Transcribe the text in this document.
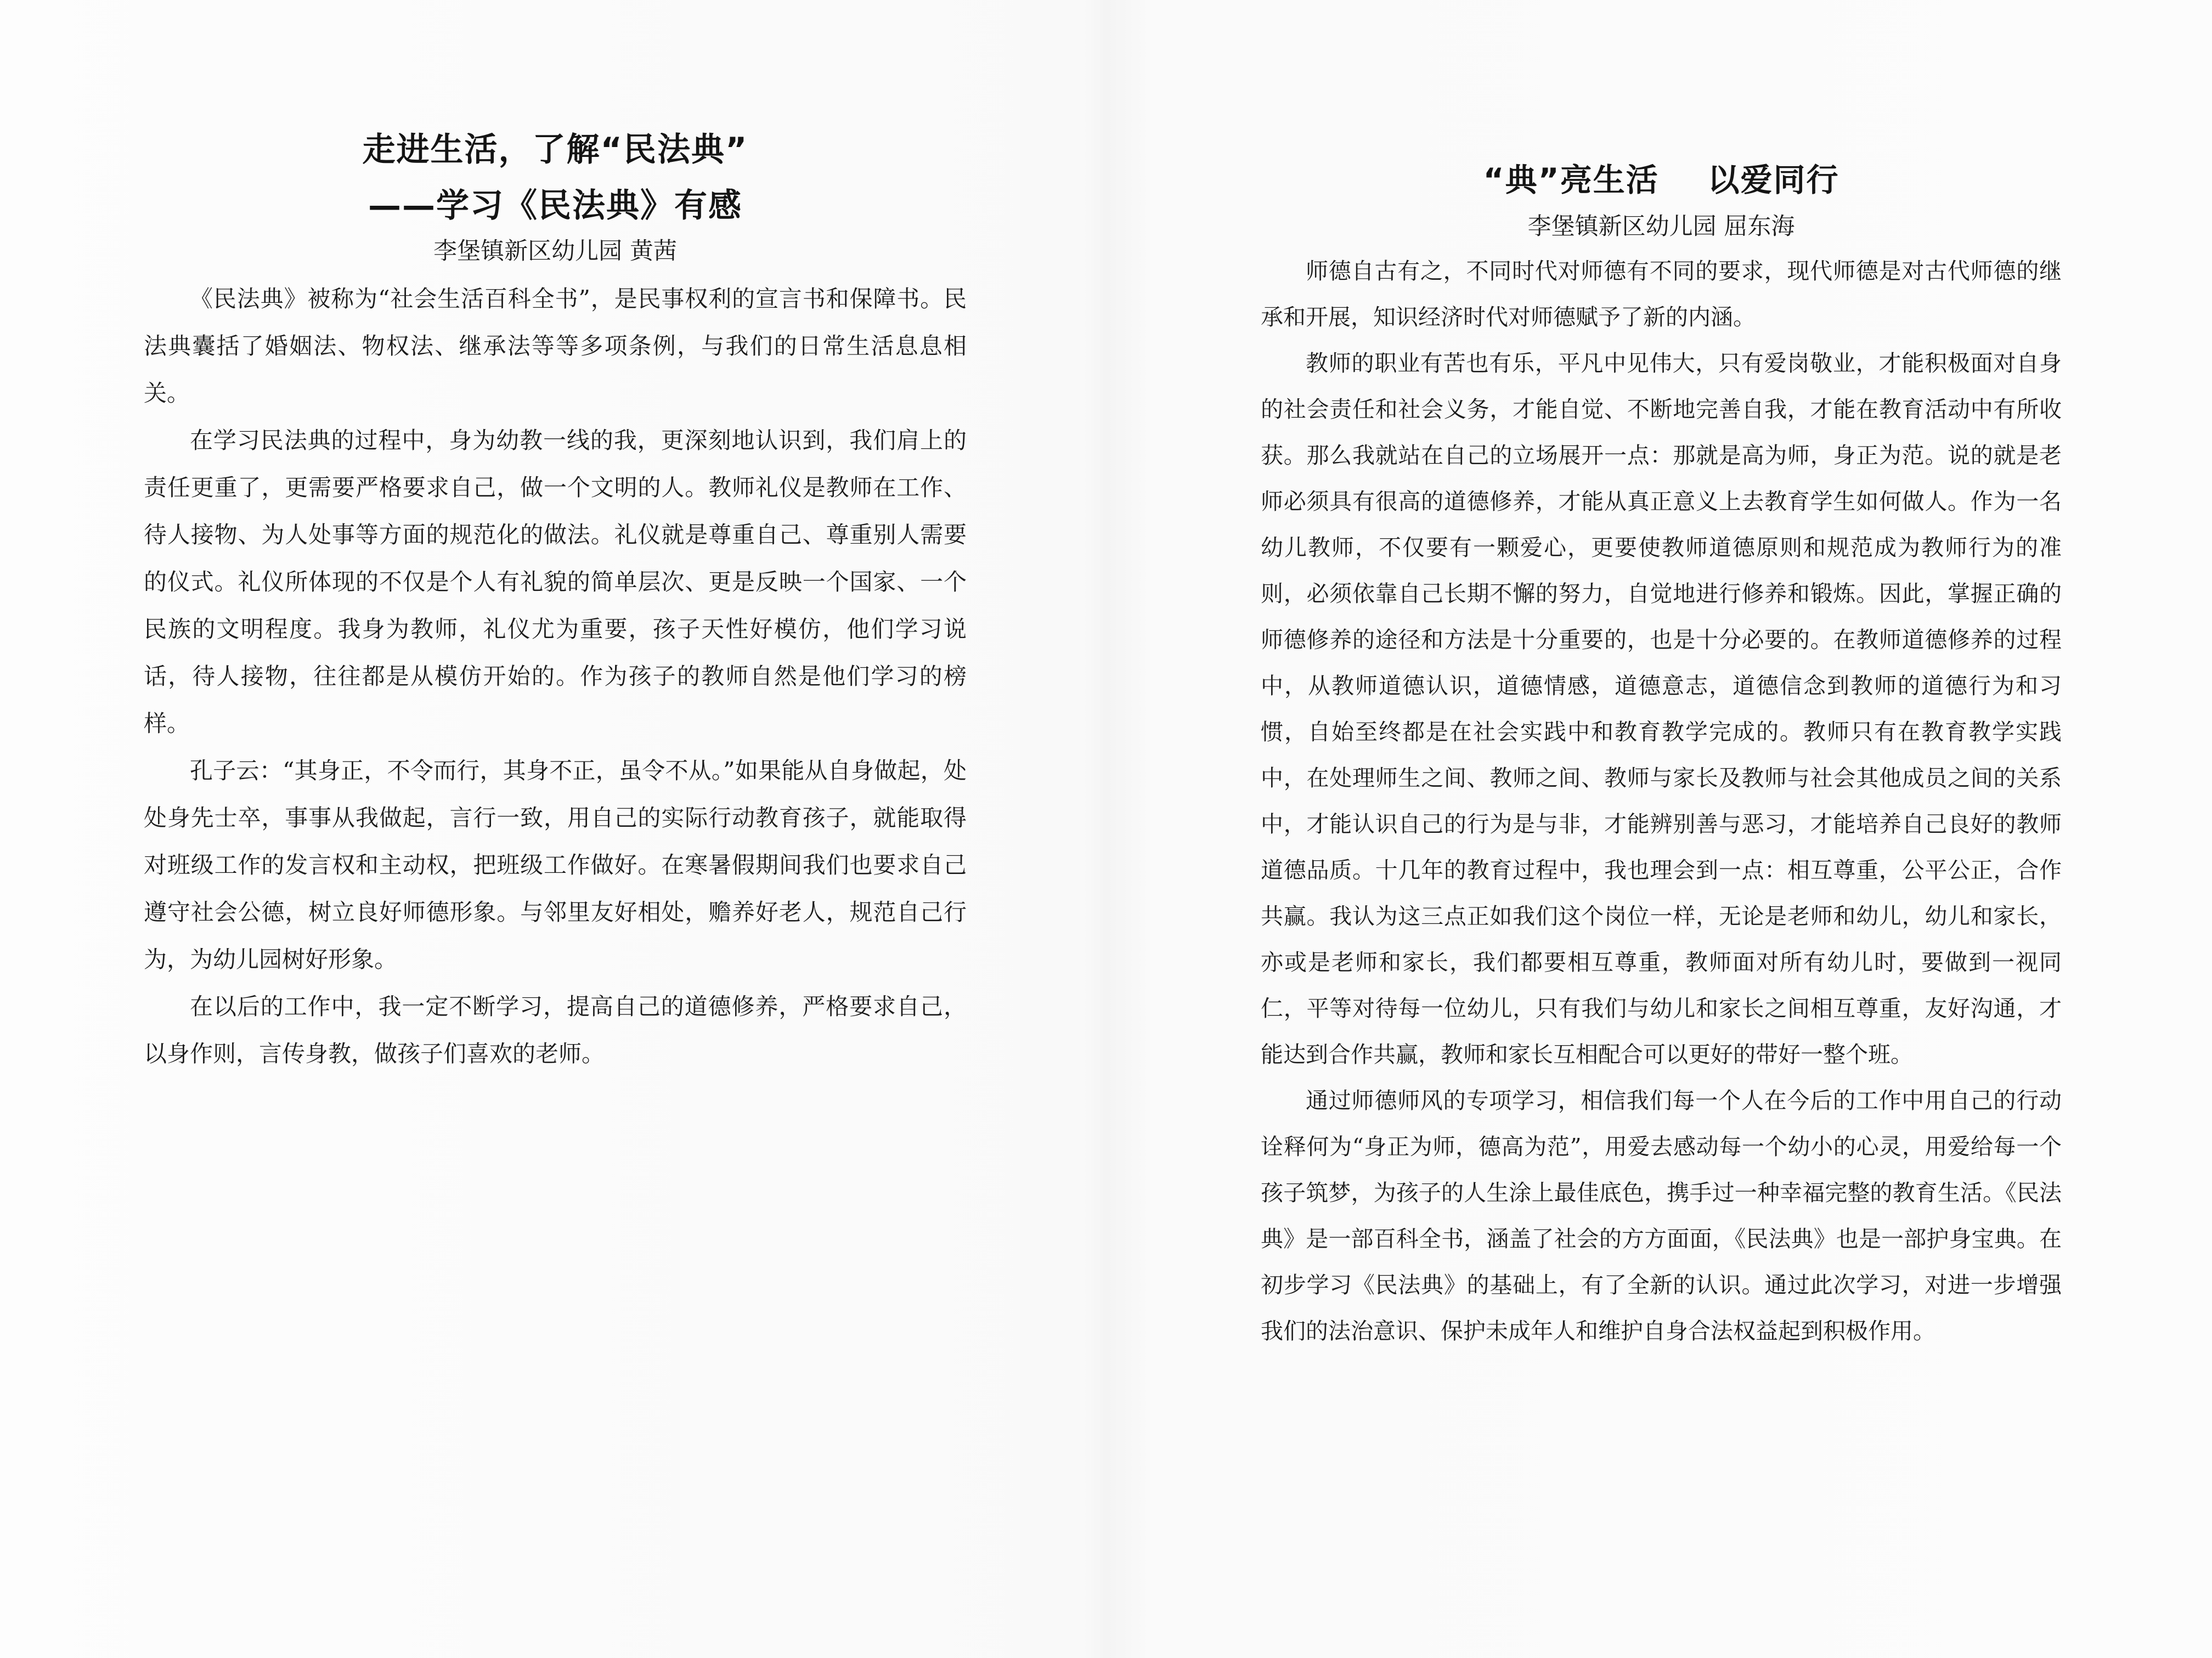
走进生活，了解“民法典”
——学习《民法典》有感

李堡镇新区幼儿园 黄茜

《民法典》被称为“社会生活百科全书”，是民事权利的宣言书和保障书。民法典囊括了婚姻法、物权法、继承法等等多项条例，与我们的日常生活息息相关。

在学习民法典的过程中，身为幼教一线的我，更深刻地认识到，我们肩上的责任更重了，更需要严格要求自己，做一个文明的人。教师礼仪是教师在工作、待人接物、为人处事等方面的规范化的做法。礼仪就是尊重自己、尊重别人需要的仪式。礼仪所体现的不仅是个人有礼貌的简单层次、更是反映一个国家、一个民族的文明程度。我身为教师，礼仪尤为重要，孩子天性好模仿，他们学习说话，待人接物，往往都是从模仿开始的。作为孩子的教师自然是他们学习的榜样。

孔子云：“其身正，不令而行，其身不正，虽令不从。”如果能从自身做起，处处身先士卒，事事从我做起，言行一致，用自己的实际行动教育孩子，就能取得对班级工作的发言权和主动权，把班级工作做好。在寒暑假期间我们也要求自己遵守社会公德，树立良好师德形象。与邻里友好相处，赡养好老人，规范自己行为，为幼儿园树好形象。

在以后的工作中，我一定不断学习，提高自己的道德修养，严格要求自己，以身作则，言传身教，做孩子们喜欢的老师。

“典”亮生活    以爱同行

李堡镇新区幼儿园 屈东海

师德自古有之，不同时代对师德有不同的要求，现代师德是对古代师德的继承和开展，知识经济时代对师德赋予了新的内涵。

教师的职业有苦也有乐，平凡中见伟大，只有爱岗敬业，才能积极面对自身的社会责任和社会义务，才能自觉、不断地完善自我，才能在教育活动中有所收获。那么我就站在自己的立场展开一点：那就是高为师，身正为范。说的就是老师必须具有很高的道德修养，才能从真正意义上去教育学生如何做人。作为一名幼儿教师，不仅要有一颗爱心，更要使教师道德原则和规范成为教师行为的准则，必须依靠自己长期不懈的努力，自觉地进行修养和锻炼。因此，掌握正确的师德修养的途径和方法是十分重要的，也是十分必要的。在教师道德修养的过程中，从教师道德认识，道德情感，道德意志，道德信念到教师的道德行为和习惯，自始至终都是在社会实践中和教育教学完成的。教师只有在教育教学实践中，在处理师生之间、教师之间、教师与家长及教师与社会其他成员之间的关系中，才能认识自己的行为是与非，才能辨别善与恶习，才能培养自己良好的教师道德品质。十几年的教育过程中，我也理会到一点：相互尊重，公平公正，合作共赢。我认为这三点正如我们这个岗位一样，无论是老师和幼儿，幼儿和家长，亦或是老师和家长，我们都要相互尊重，教师面对所有幼儿时，要做到一视同仁，平等对待每一位幼儿，只有我们与幼儿和家长之间相互尊重，友好沟通，才能达到合作共赢，教师和家长互相配合可以更好的带好一整个班。

通过师德师风的专项学习，相信我们每一个人在今后的工作中用自己的行动诠释何为“身正为师，德高为范”，用爱去感动每一个幼小的心灵，用爱给每一个孩子筑梦，为孩子的人生涂上最佳底色，携手过一种幸福完整的教育生活。《民法典》是一部百科全书，涵盖了社会的方方面面，《民法典》也是一部护身宝典。在初步学习《民法典》的基础上，有了全新的认识。通过此次学习，对进一步增强我们的法治意识、保护未成年人和维护自身合法权益起到积极作用。
